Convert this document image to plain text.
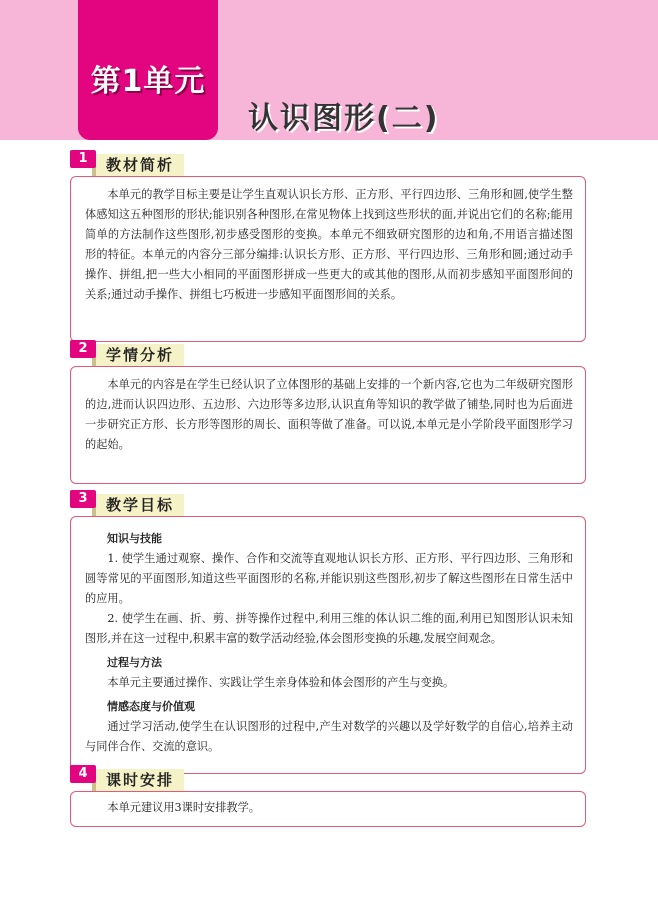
第1单元
认识图形(二)
教材简析
1

本单元的教学目标主要是让学生直观认识长方形、正方形、平行四边形、三角形和圆,使学生整体感知这五种图形的形状;能识别各种图形,在常见物体上找到这些形状的面,并说出它们的名称;能用简单的方法制作这些图形,初步感受图形的变换。本单元不细致研究图形的边和角,不用语言描述图形的特征。本单元的内容分三部分编排:认识长方形、正方形、平行四边形、三角形和圆;通过动手操作、拼组,把一些大小相同的平面图形拼成一些更大的或其他的图形,从而初步感知平面图形间的关系;通过动手操作、拼组七巧板进一步感知平面图形间的关系。

学情分析
2

本单元的内容是在学生已经认识了立体图形的基础上安排的一个新内容,它也为二年级研究图形的边,进而认识四边形、五边形、六边形等多边形,认识直角等知识的教学做了铺垫,同时也为后面进一步研究正方形、长方形等图形的周长、面积等做了准备。可以说,本单元是小学阶段平面图形学习的起始。

教学目标
3
知识与技能

1. 使学生通过观察、操作、合作和交流等直观地认识长方形、正方形、平行四边形、三角形和圆等常见的平面图形,知道这些平面图形的名称,并能识别这些图形,初步了解这些图形在日常生活中的应用。

2. 使学生在画、折、剪、拼等操作过程中,利用三维的体认识二维的面,利用已知图形认识未知图形,并在这一过程中,积累丰富的数学活动经验,体会图形变换的乐趣,发展空间观念。

过程与方法

本单元主要通过操作、实践让学生亲身体验和体会图形的产生与变换。

情感态度与价值观

通过学习活动,使学生在认识图形的过程中,产生对数学的兴趣以及学好数学的自信心,培养主动与同伴合作、交流的意识。

课时安排
4

本单元建议用3课时安排教学。
